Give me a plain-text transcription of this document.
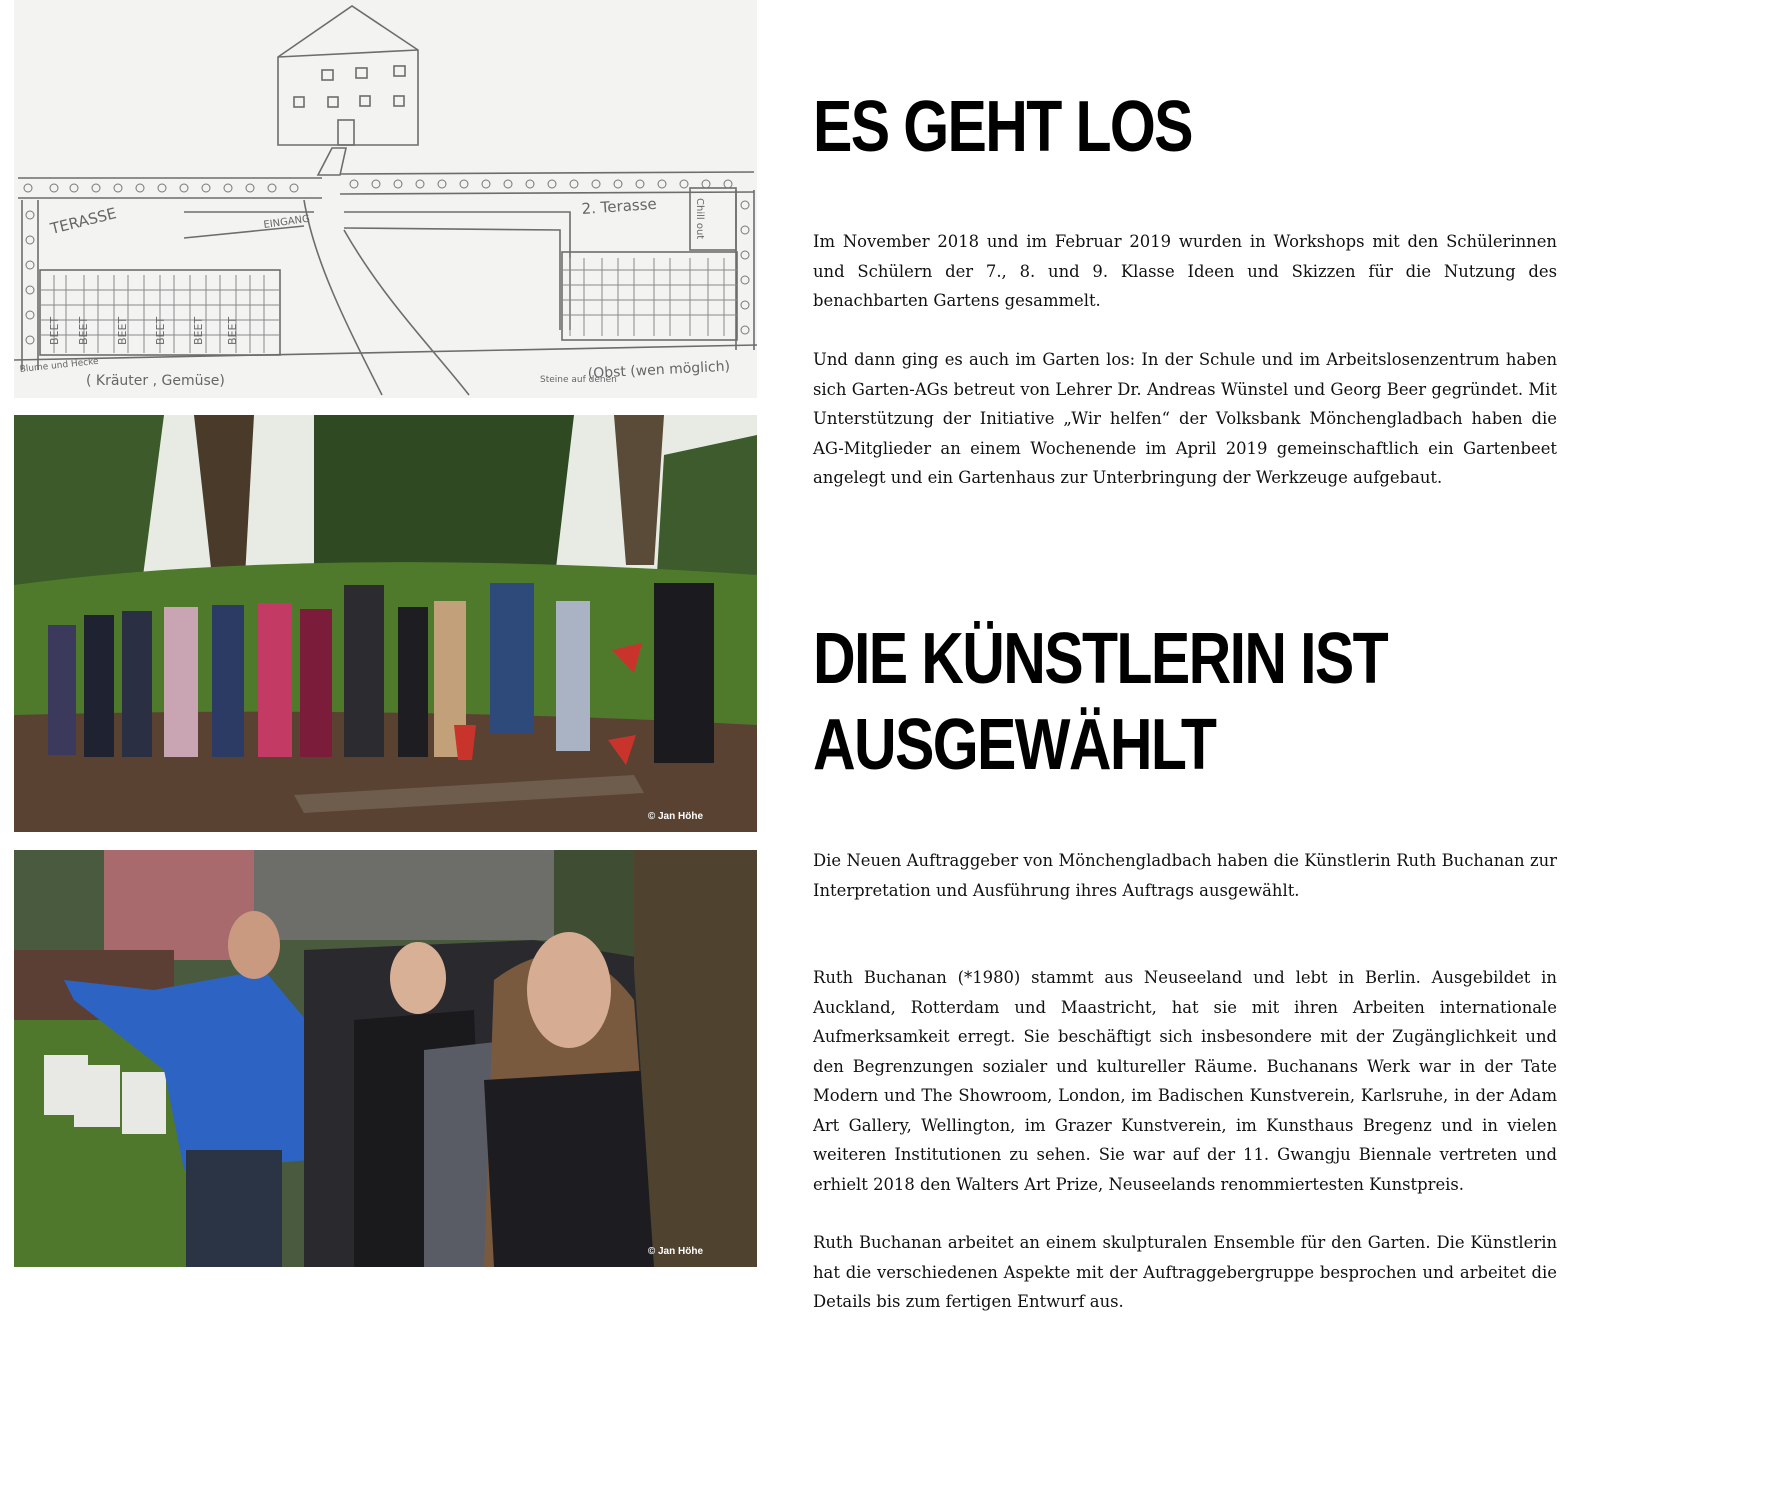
TERASSE	EINGANG
2. Terasse	Chill out
BEET BEET BEET BEET BEET BEET
Blume und Hecke
( Kräuter , Gemüse)	Steine auf denen
(Obst (wen möglich)
© Jan Höhe
© Jan Höhe
ES GEHT LOS

Im November 2018 und im Februar 2019 wurden in Workshops mit den Schülerinnen und Schülern der 7., 8. und 9. Klasse Ideen und Skizzen für die Nutzung des benachbarten Gartens gesammelt.

Und dann ging es auch im Garten los: In der Schule und im Arbeitslosenzentrum haben sich Garten-AGs betreut von Lehrer Dr. Andreas Wünstel und Georg Beer gegründet. Mit Unterstützung der Initiative „Wir helfen“ der Volksbank Mönchengladbach haben die AG-Mitglieder an einem Wochenende im April 2019 gemeinschaftlich ein Gartenbeet angelegt und ein Gartenhaus zur Unterbringung der Werkzeuge aufgebaut.

DIE KÜNSTLERIN IST
AUSGEWÄHLT

Die Neuen Auftraggeber von Mönchengladbach haben die Künstlerin Ruth Buchanan zur Interpretation und Ausführung ihres Auftrags ausgewählt.

Ruth Buchanan (*1980) stammt aus Neuseeland und lebt in Berlin. Ausgebildet in Auckland, Rotterdam und Maastricht, hat sie mit ihren Arbeiten internationale Aufmerksamkeit erregt. Sie beschäftigt sich insbesondere mit der Zugänglichkeit und den Begrenzungen sozialer und kultureller Räume. Buchanans Werk war in der Tate Modern und The Showroom, London, im Badischen Kunstverein, Karlsruhe, in der Adam Art Gallery, Wellington, im Grazer Kunstverein, im Kunsthaus Bregenz und in vielen weiteren Institutionen zu sehen. Sie war auf der 11. Gwangju Biennale vertreten und erhielt 2018 den Walters Art Prize, Neuseelands renommiertesten Kunstpreis.

Ruth Buchanan arbeitet an einem skulpturalen Ensemble für den Garten. Die Künstlerin hat die verschiedenen Aspekte mit der Auftraggebergruppe besprochen und arbeitet die Details bis zum fertigen Entwurf aus.
